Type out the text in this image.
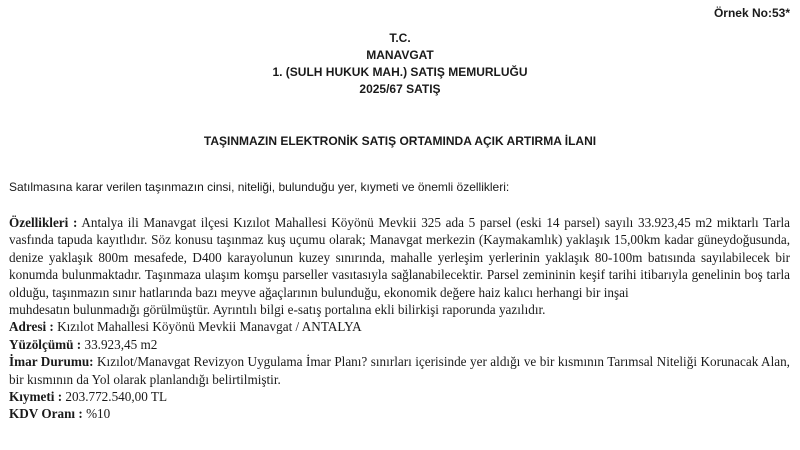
Örnek No:53*
T.C.
MANAVGAT
1. (SULH HUKUK MAH.) SATIŞ MEMURLUĞU
2025/67 SATIŞ
TAŞINMAZIN ELEKTRONİK SATIŞ ORTAMINDA AÇIK ARTIRMA İLANI
Satılmasına karar verilen taşınmazın cinsi, niteliği, bulunduğu yer, kıymeti ve önemli özellikleri:

Özellikleri : Antalya ili Manavgat ilçesi Kızılot Mahallesi Köyönü Mevkii 325 ada 5 parsel (eski 14 parsel) sayılı 33.923,45 m2 miktarlı Tarla vasfında tapuda kayıtlıdır. Söz konusu taşınmaz kuş uçumu olarak; Manavgat merkezin (Kaymakamlık) yaklaşık 15,00km kadar güneydoğusunda, denize yaklaşık 800m mesafede, D400 karayolunun kuzey sınırında, mahalle yerleşim yerlerinin yaklaşık 80-100m batısında sayılabilecek bir konumda bulunmaktadır. Taşınmaza ulaşım komşu parseller vasıtasıyla sağlanabilecektir. Parsel zemininin keşif tarihi itibarıyla genelinin boş tarla olduğu, taşınmazın sınır hatlarında bazı meyve ağaçlarının bulunduğu, ekonomik değere haiz kalıcı herhangi bir inşai

muhdesatın bulunmadığı görülmüştür. Ayrıntılı bilgi e-satış portalına ekli bilirkişi raporunda yazılıdır.

Adresi : Kızılot Mahallesi Köyönü Mevkii Manavgat / ANTALYA

Yüzölçümü : 33.923,45 m2

İmar Durumu: Kızılot/Manavgat Revizyon Uygulama İmar Planı? sınırları içerisinde yer aldığı ve bir kısmının Tarımsal Niteliği Korunacak Alan, bir kısmının da Yol olarak planlandığı belirtilmiştir.

Kıymeti : 203.772.540,00 TL

KDV Oranı : %10
